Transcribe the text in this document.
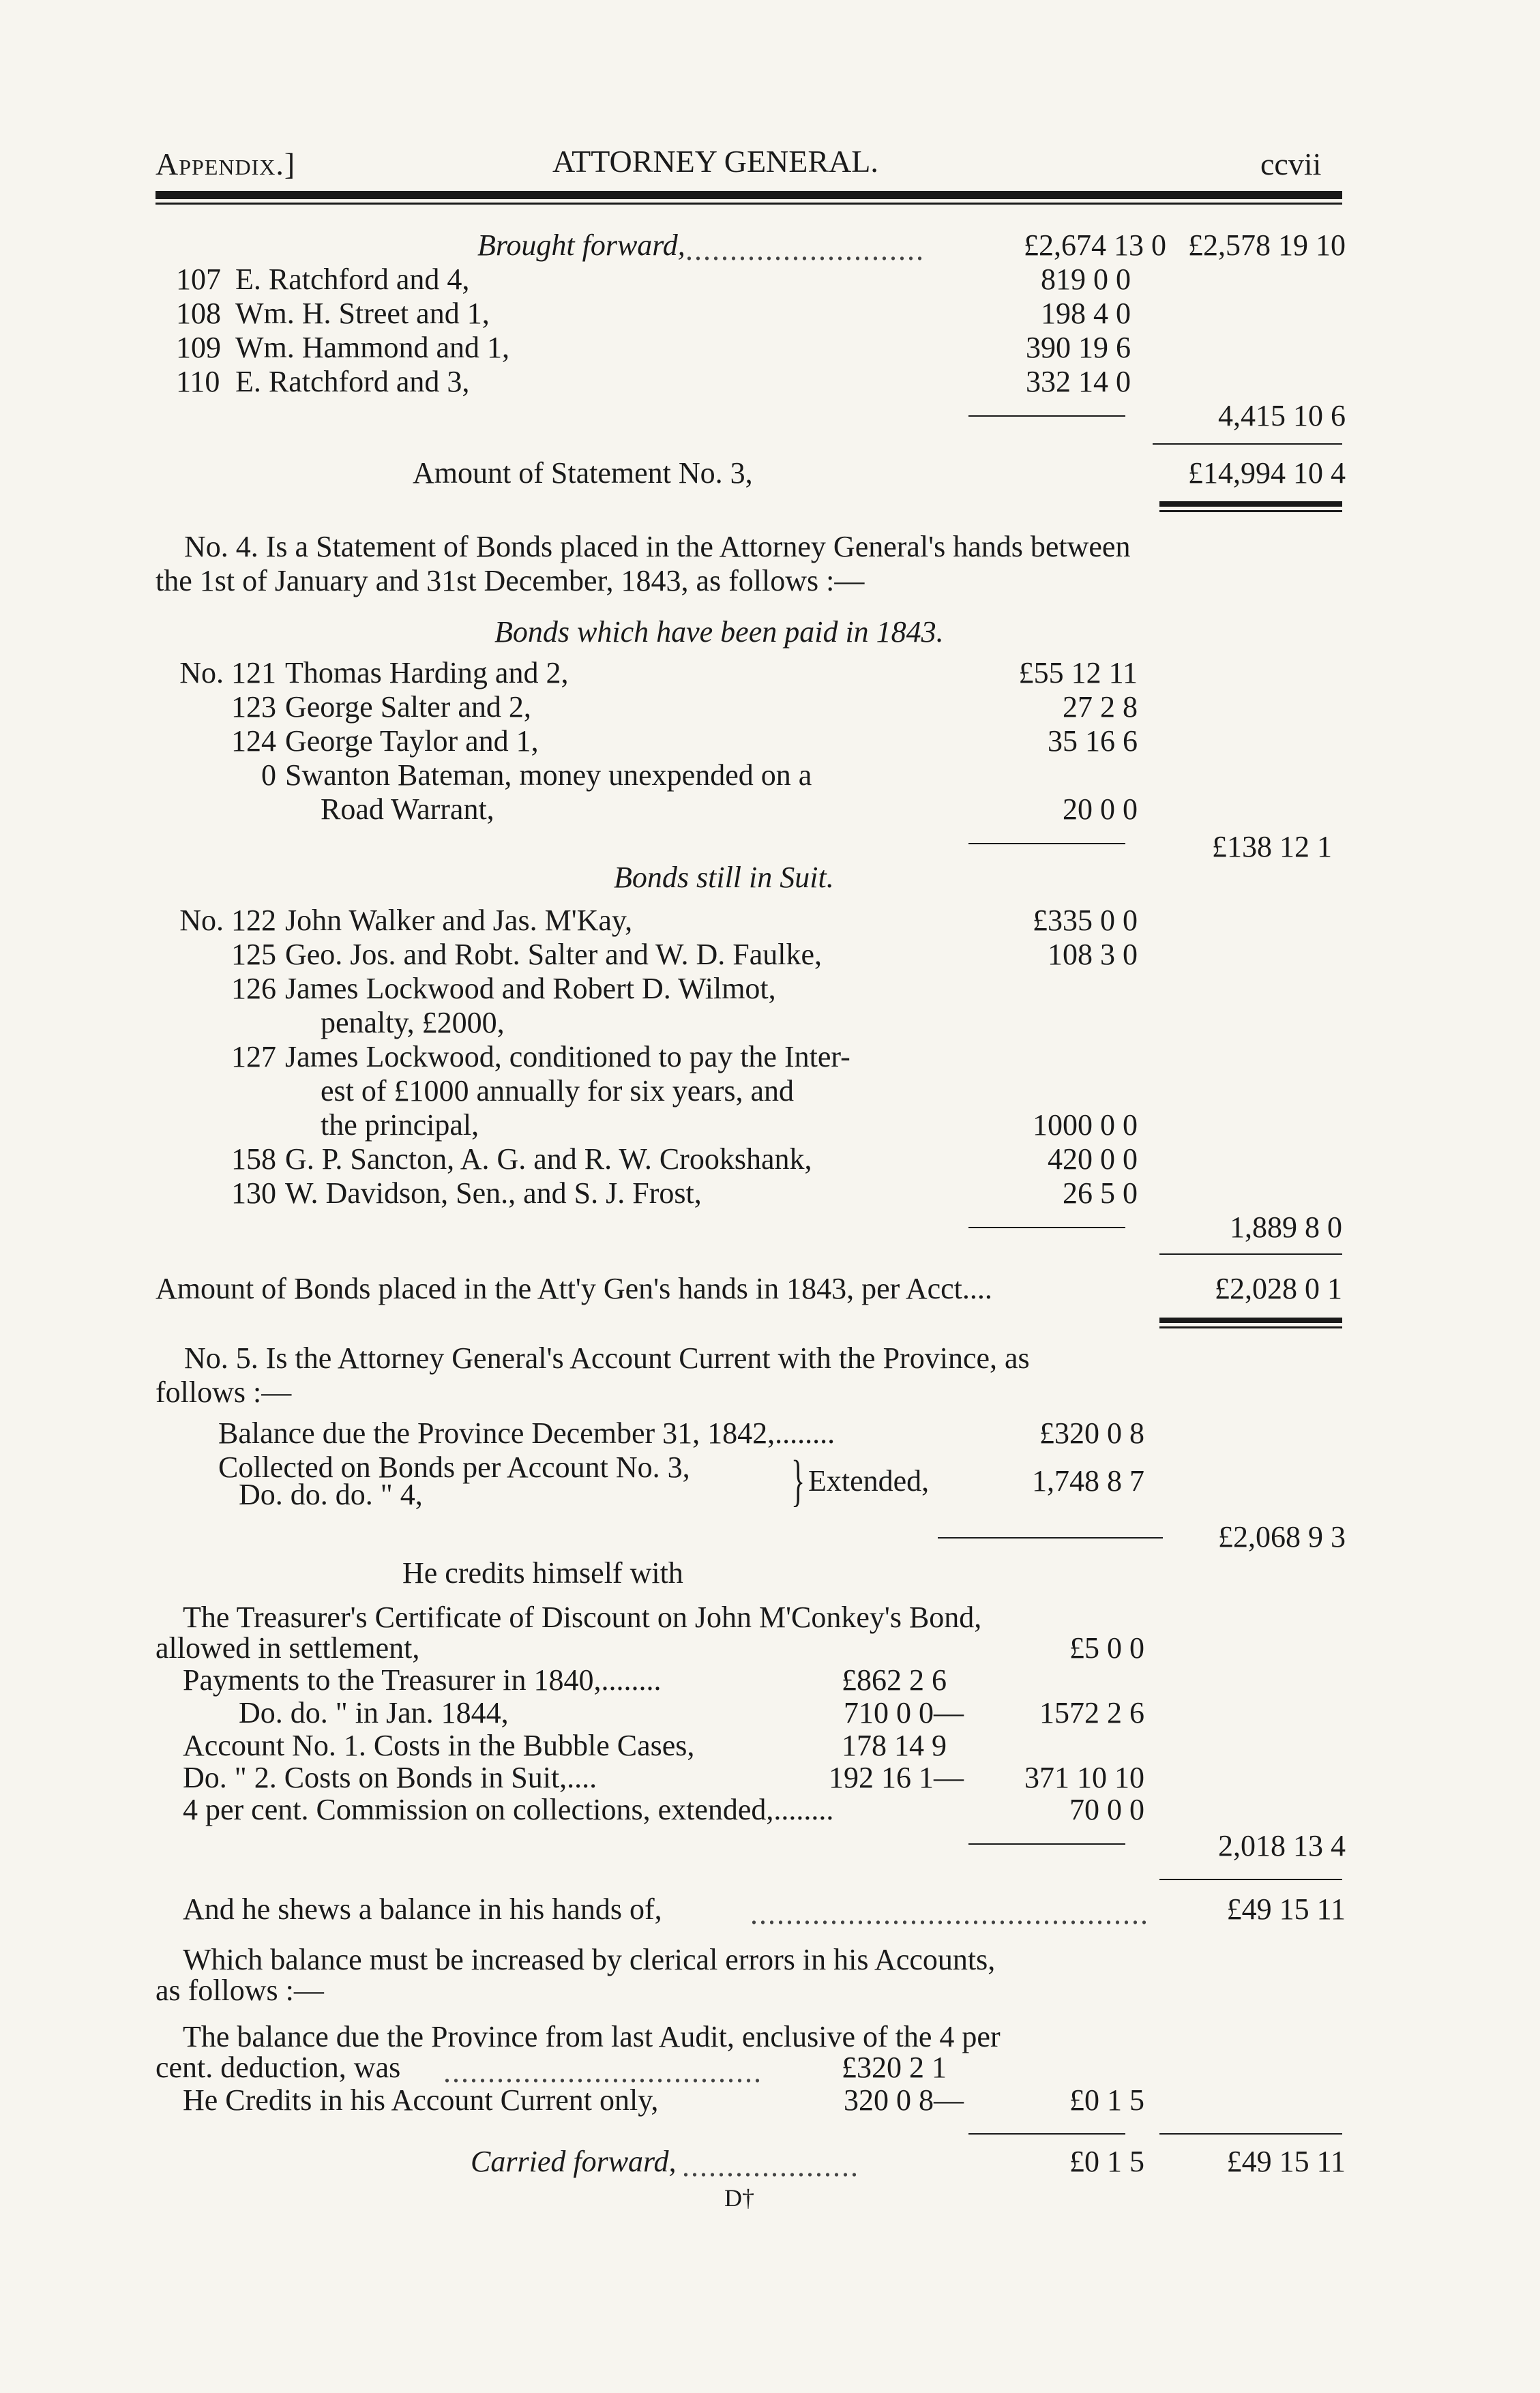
Appendix.]	ATTORNEY GENERAL.	ccvii
Brought forward, ...........................	£2,674 13 0 £2,578 19 10
107 E. Ratchford and 4,	819 0 0
108 Wm. H. Street and 1,	198 4 0
109 Wm. Hammond and 1,	390 19 6
110 E. Ratchford and 3,	332 14 0
4,415 10 6
Amount of Statement No. 3,	£14,994 10 4
No. 4. Is a Statement of Bonds placed in the Attorney General's hands between
the 1st of January and 31st December, 1843, as follows :—
Bonds which have been paid in 1843.
No. 121 Thomas Harding and 2,	£55 12 11
123 George Salter and 2,	27 2 8
124 George Taylor and 1,	35 16 6
0 Swanton Bateman, money unexpended on a
Road Warrant,	20 0 0
£138 12 1
Bonds still in Suit.
No. 122 John Walker and Jas. M'Kay,	£335 0 0
125 Geo. Jos. and Robt. Salter and W. D. Faulke,	108 3 0
126 James Lockwood and Robert D. Wilmot,
penalty, £2000,
127 James Lockwood, conditioned to pay the Inter-
est of £1000 annually for six years, and
the principal,	1000 0 0
158 G. P. Sancton, A. G. and R. W. Crookshank,	420 0 0
130 W. Davidson, Sen., and S. J. Frost,	26 5 0
1,889 8 0
Amount of Bonds placed in the Att'y Gen's hands in 1843, per Acct....	£2,028 0 1
No. 5. Is the Attorney General's Account Current with the Province, as
follows :—
Balance due the Province December 31, 1842,........	£320 0 8
Collected on Bonds per Account No. 3,
Do. do. do. " 4,	} Extended,	1,748 8 7
£2,068 9 3
He credits himself with
The Treasurer's Certificate of Discount on John M'Conkey's Bond,
allowed in settlement,	£5 0 0
Payments to the Treasurer in 1840,........	£862 2 6
Do. do. " in Jan. 1844,	710 0 0—	1572 2 6
Account No. 1. Costs in the Bubble Cases,	178 14 9
Do. " 2. Costs on Bonds in Suit,....	192 16 1— 371 10 10
4 per cent. Commission on collections, extended,........	70 0 0
2,018 13 4
And he shews a balance in his hands of,	.............................................	£49 15 11
Which balance must be increased by clerical errors in his Accounts,
as follows :—
The balance due the Province from last Audit, enclusive of the 4 per
cent. deduction, was ....................................	£320 2 1
He Credits in his Account Current only,	320 0 8—	£0 1 5
Carried forward, ....................	£0 1 5	£49 15 11
D†
